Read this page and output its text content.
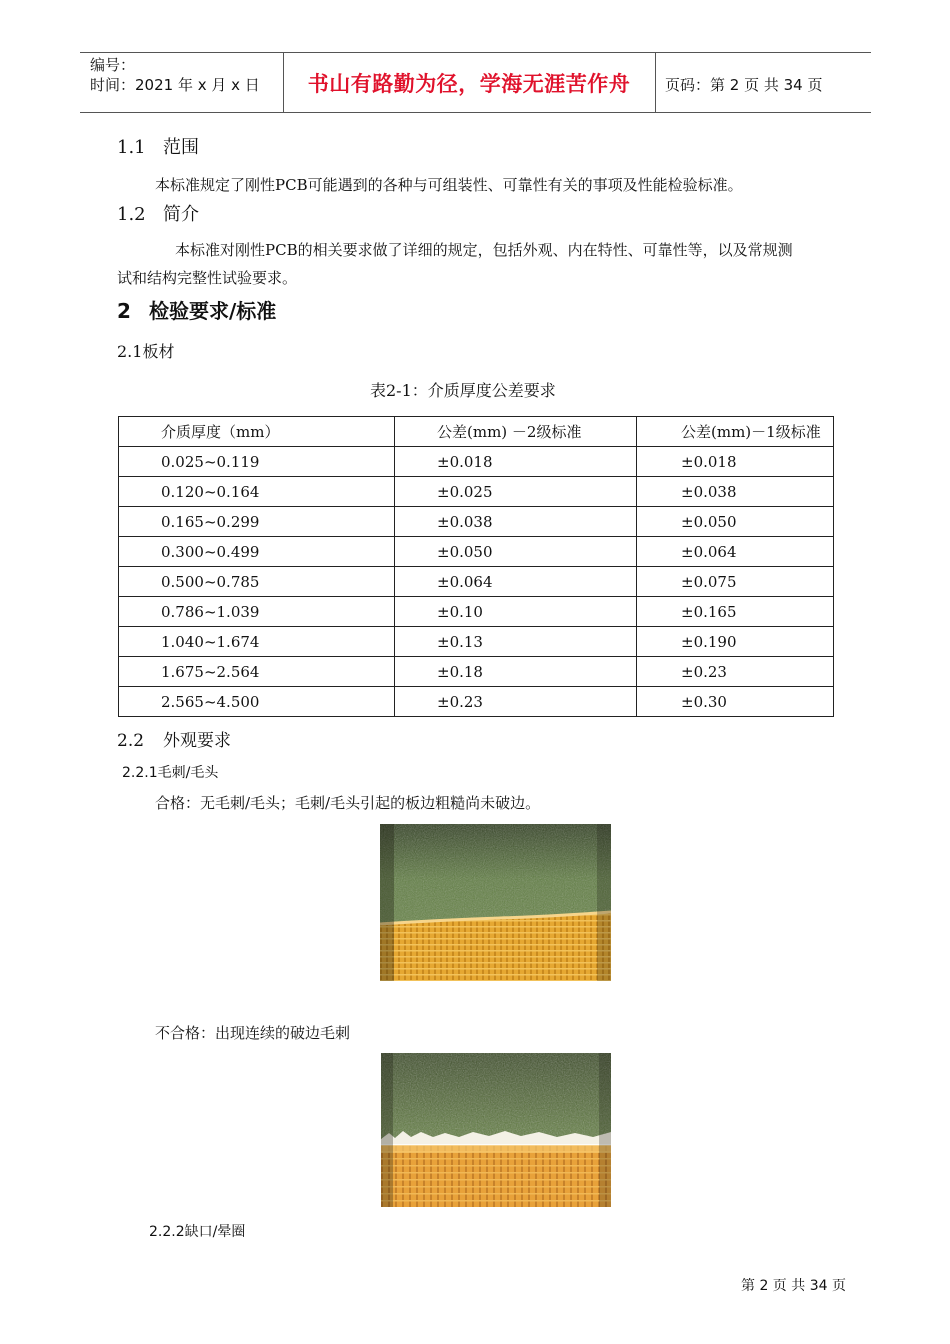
编号：
时间：2021 年 x 月 x 日	书山有路勤为径，学海无涯苦作舟	页码：第 2 页 共 34 页
1.1 范围
本标准规定了刚性PCB可能遇到的各种与可组装性、可靠性有关的事项及性能检验标准。
1.2 简介
本标准对刚性PCB的相关要求做了详细的规定，包括外观、内在特性、可靠性等，以及常规测
试和结构完整性试验要求。
2 检验要求/标准
2.1板材
表2-1：介质厚度公差要求
介质厚度（mm）	公差(mm) －2级标准	公差(mm)－1级标准
0.025~0.119	±0.018	±0.018
0.120~0.164	±0.025	±0.038
0.165~0.299	±0.038	±0.050
0.300~0.499	±0.050	±0.064
0.500~0.785	±0.064	±0.075
0.786~1.039	±0.10	±0.165
1.040~1.674	±0.13	±0.190
1.675~2.564	±0.18	±0.23
2.565~4.500	±0.23	±0.30
2.2 外观要求
2.2.1毛刺/毛头
合格：无毛刺/毛头；毛刺/毛头引起的板边粗糙尚未破边。
不合格：出现连续的破边毛刺
2.2.2缺口/晕圈
第 2 页 共 34 页
